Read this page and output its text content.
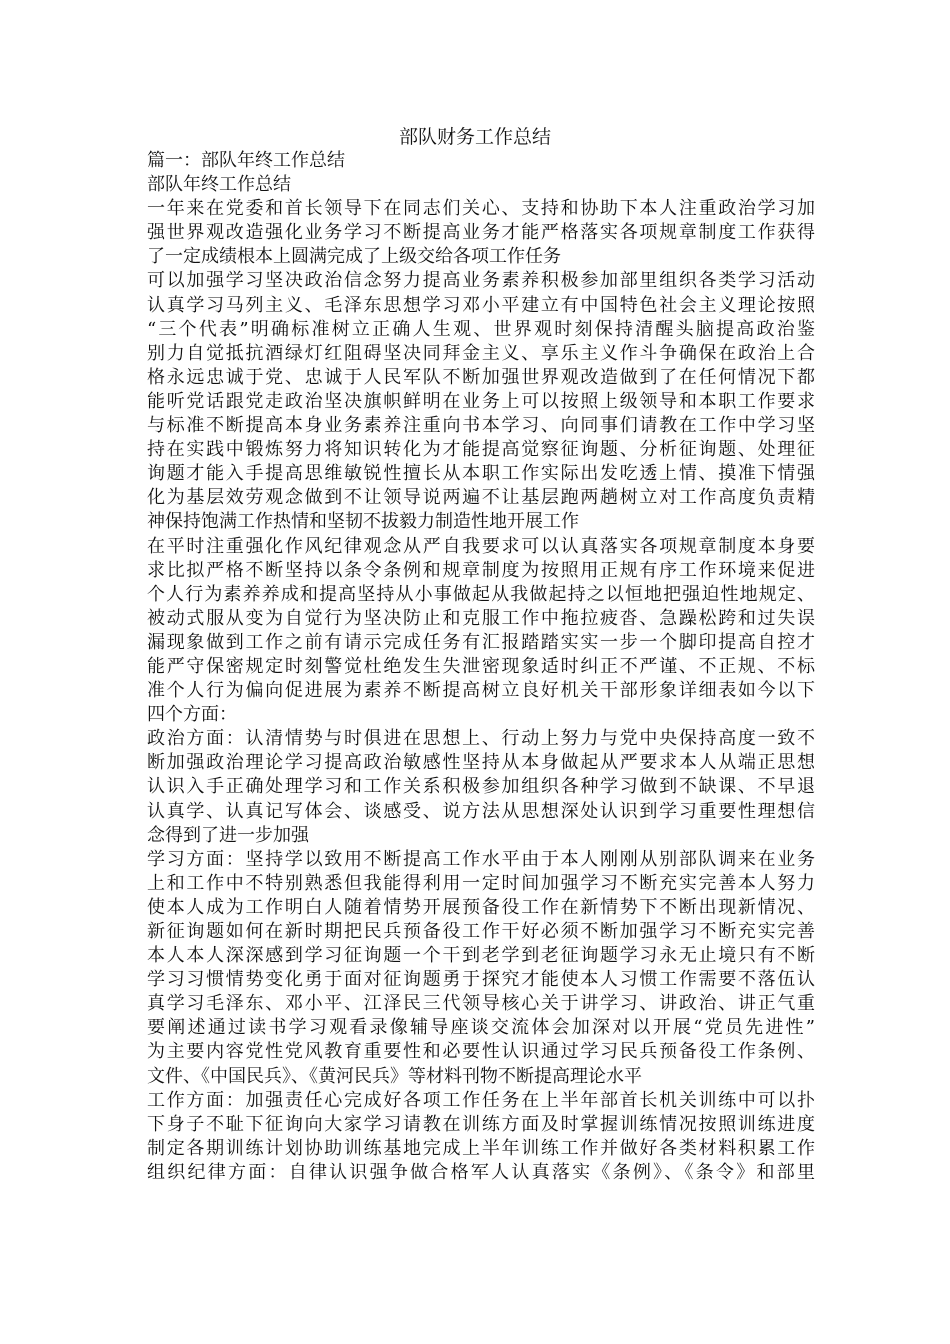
部队财务工作总结
篇一：部队年终工作总结
部队年终工作总结
一年来在党委和首长领导下在同志们关心、支持和协助下本人注重政治学习加
强世界观改造强化业务学习不断提高业务才能严格落实各项规章制度工作获得
了一定成绩根本上圆满完成了上级交给各项工作任务
可以加强学习坚决政治信念努力提高业务素养积极参加部里组织各类学习活动
认真学习马列主义、毛泽东思想学习邓小平建立有中国特色社会主义理论按照
“三个代表”明确标准树立正确人生观、世界观时刻保持清醒头脑提高政治鉴
别力自觉抵抗酒绿灯红阻碍坚决同拜金主义、享乐主义作斗争确保在政治上合
格永远忠诚于党、忠诚于人民军队不断加强世界观改造做到了在任何情况下都
能听党话跟党走政治坚决旗帜鲜明在业务上可以按照上级领导和本职工作要求
与标准不断提高本身业务素养注重向书本学习、向同事们请教在工作中学习坚
持在实践中锻炼努力将知识转化为才能提高觉察征询题、分析征询题、处理征
询题才能入手提高思维敏锐性擅长从本职工作实际出发吃透上情、摸准下情强
化为基层效劳观念做到不让领导说两遍不让基层跑两趟树立对工作高度负责精
神保持饱满工作热情和坚韧不拔毅力制造性地开展工作
在平时注重强化作风纪律观念从严自我要求可以认真落实各项规章制度本身要
求比拟严格不断坚持以条令条例和规章制度为按照用正规有序工作环境来促进
个人行为素养养成和提高坚持从小事做起从我做起持之以恒地把强迫性地规定、
被动式服从变为自觉行为坚决防止和克服工作中拖拉疲沓、急躁松跨和过失误
漏现象做到工作之前有请示完成任务有汇报踏踏实实一步一个脚印提高自控才
能严守保密规定时刻警觉杜绝发生失泄密现象适时纠正不严谨、不正规、不标
准个人行为偏向促进展为素养不断提高树立良好机关干部形象详细表如今以下
四个方面：
政治方面：认清情势与时俱进在思想上、行动上努力与党中央保持高度一致不
断加强政治理论学习提高政治敏感性坚持从本身做起从严要求本人从端正思想
认识入手正确处理学习和工作关系积极参加组织各种学习做到不缺课、不早退
认真学、认真记写体会、谈感受、说方法从思想深处认识到学习重要性理想信
念得到了进一步加强
学习方面：坚持学以致用不断提高工作水平由于本人刚刚从别部队调来在业务
上和工作中不特别熟悉但我能得利用一定时间加强学习不断充实完善本人努力
使本人成为工作明白人随着情势开展预备役工作在新情势下不断出现新情况、
新征询题如何在新时期把民兵预备役工作干好必须不断加强学习不断充实完善
本人本人深深感到学习征询题一个干到老学到老征询题学习永无止境只有不断
学习习惯情势变化勇于面对征询题勇于探究才能使本人习惯工作需要不落伍认
真学习毛泽东、邓小平、江泽民三代领导核心关于讲学习、讲政治、讲正气重
要阐述通过读书学习观看录像辅导座谈交流体会加深对以开展“党员先进性”
为主要内容党性党风教育重要性和必要性认识通过学习民兵预备役工作条例、
文件、《中国民兵》、《黄河民兵》等材料刊物不断提高理论水平
工作方面：加强责任心完成好各项工作任务在上半年部首长机关训练中可以扑
下身子不耻下征询向大家学习请教在训练方面及时掌握训练情况按照训练进度
制定各期训练计划协助训练基地完成上半年训练工作并做好各类材料积累工作
组织纪律方面：自律认识强争做合格军人认真落实《条例》、《条令》和部里
